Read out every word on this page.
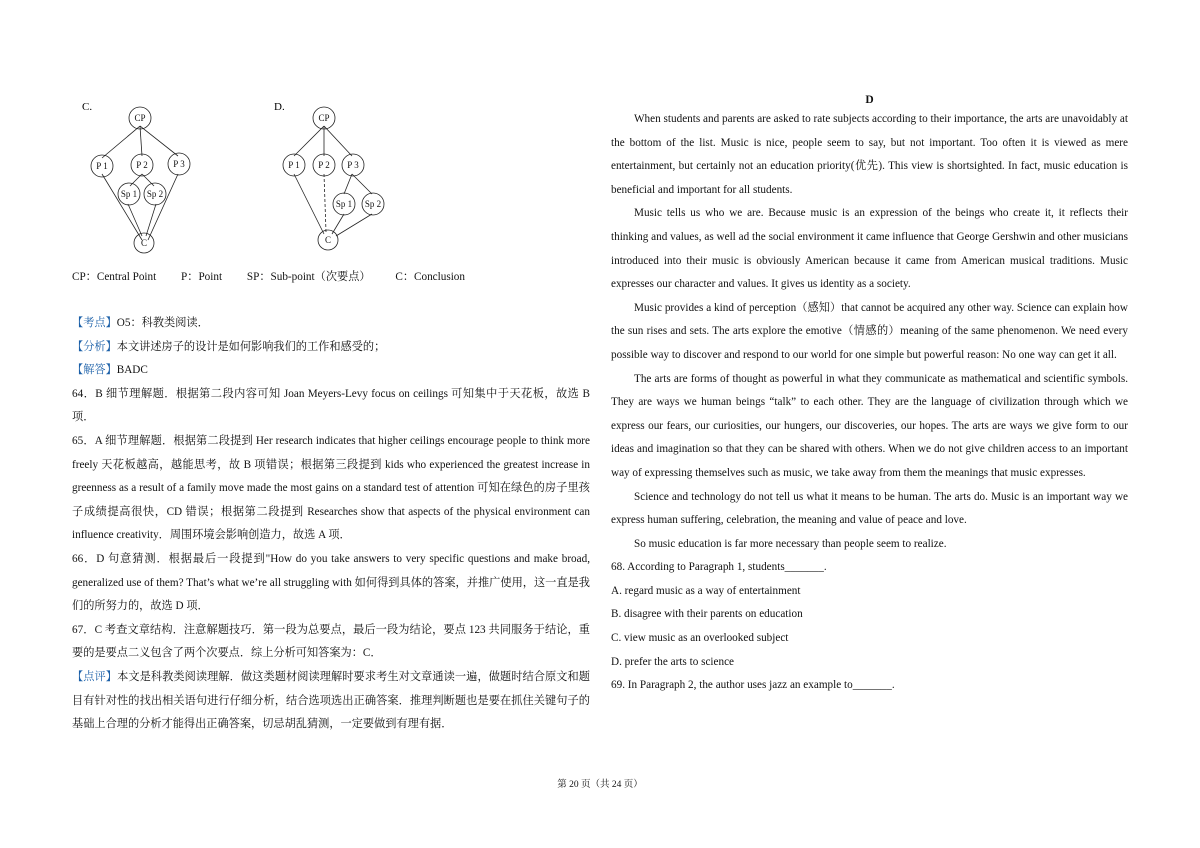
C.
CP
P 1	P 2	P 3
Sp 1 Sp 2
C
D.
CP
P 1 P 2 P 3
Sp 1 Sp 2
C
CP：Central Point P：Point SP：Sub-point（次要点） C：Conclusion

【考点】O5：科教类阅读．

【分析】本文讲述房子的设计是如何影响我们的工作和感受的；

【解答】BADC

64．B 细节理解题．根据第二段内容可知 Joan Meyers-Levy focus on ceilings 可知集中于天花板，故选 B 项．

65．A 细节理解题．根据第二段提到 Her research indicates that higher ceilings encourage people to think more freely 天花板越高，越能思考，故 B 项错误；根据第三段提到 kids who experienced the greatest increase in greenness as a result of a family move made the most gains on a standard test of attention 可知在绿色的房子里孩子成绩提高很快，CD 错误；根据第二段提到 Researches show that aspects of the physical environment can influence creativity．周围环境会影响创造力，故选 A 项．

66．D 句意猜测．根据最后一段提到"How do you take answers to very specific questions and make broad, generalized use of them? That’s what we’re all struggling with 如何得到具体的答案，并推广使用，这一直是我们的所努力的，故选 D 项．

67．C 考查文章结构．注意解题技巧．第一段为总要点，最后一段为结论，要点 123 共同服务于结论，重要的是要点二义包含了两个次要点．综上分析可知答案为：C．

【点评】本文是科教类阅读理解．做这类题材阅读理解时要求考生对文章通读一遍，做题时结合原文和题目有针对性的找出相关语句进行仔细分析，结合选项选出正确答案．推理判断题也是要在抓住关键句子的基础上合理的分析才能得出正确答案，切忌胡乱猜测，一定要做到有理有据．

D

When students and parents are asked to rate subjects according to their importance, the arts are unavoidably at the bottom of the list. Music is nice, people seem to say, but not important. Too often it is viewed as mere entertainment, but certainly not an education priority(优先). This view is shortsighted. In fact, music education is beneficial and important for all students.

Music tells us who we are. Because music is an expression of the beings who create it, it reflects their thinking and values, as well ad the social environment it came influence that George Gershwin and other musicians introduced into their music is obviously American because it came from American musical traditions. Music expresses our character and values. It gives us identity as a society.

Music provides a kind of perception（感知）that cannot be acquired any other way. Science can explain how the sun rises and sets. The arts explore the emotive（情感的）meaning of the same phenomenon. We need every possible way to discover and respond to our world for one simple but powerful reason: No one way can get it all.

The arts are forms of thought as powerful in what they communicate as mathematical and scientific symbols. They are ways we human beings “talk” to each other. They are the language of civilization through which we express our fears, our curiosities, our hungers, our discoveries, our hopes. The arts are ways we give form to our ideas and imagination so that they can be shared with others. When we do not give children access to an important way of expressing themselves such as music, we take away from them the meanings that music expresses.

Science and technology do not tell us what it means to be human. The arts do. Music is an important way we express human suffering, celebration, the meaning and value of peace and love.

So music education is far more necessary than people seem to realize.

68. According to Paragraph 1, students_______.

A. regard music as a way of entertainment

B. disagree with their parents on education

C. view music as an overlooked subject

D. prefer the arts to science

69. In Paragraph 2, the author uses jazz an example to_______.

第 20 页（共 24 页）
